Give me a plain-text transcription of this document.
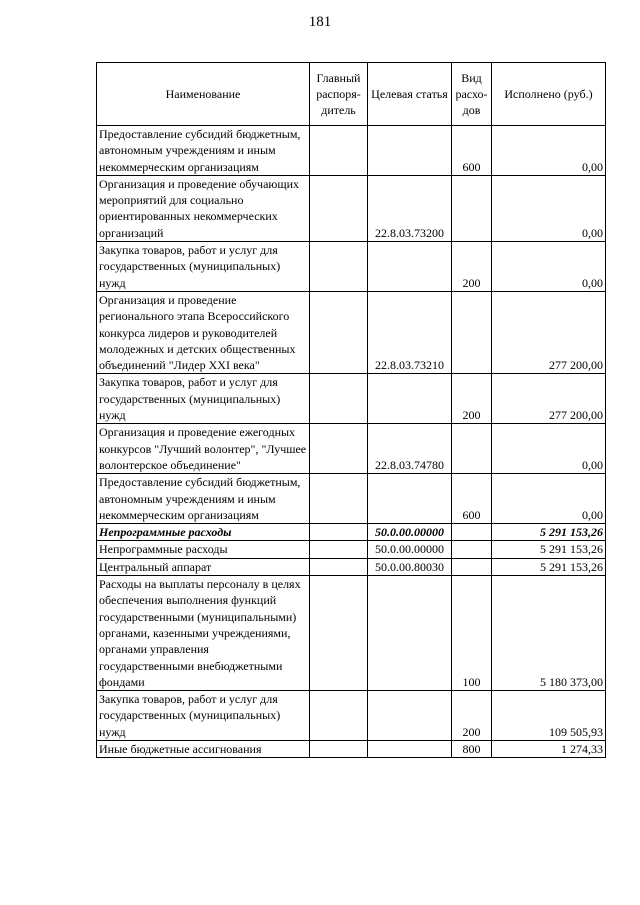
181
Наименование	Главный распоря-дитель	Целевая статья	Вид расхо-дов	Исполнено (руб.)
Предоставление субсидий бюджетным, автономным учреждениям и иным некоммерческим организациям			600	0,00
Организация и проведение обучающих мероприятий для социально ориентированных некоммерческих организаций		22.8.03.73200		0,00
Закупка товаров, работ и услуг для государственных (муниципальных) нужд			200	0,00
Организация и проведение регионального этапа Всероссийского конкурса лидеров и руководителей молодежных и детских общественных объединений "Лидер XXI века"		22.8.03.73210		277 200,00
Закупка товаров, работ и услуг для государственных (муниципальных) нужд			200	277 200,00
Организация и проведение ежегодных конкурсов "Лучший волонтер", "Лучшее волонтерское объединение"		22.8.03.74780		0,00
Предоставление субсидий бюджетным, автономным учреждениям и иным некоммерческим организациям			600	0,00
Непрограммные расходы		50.0.00.00000		5 291 153,26
Непрограммные расходы		50.0.00.00000		5 291 153,26
Центральный аппарат		50.0.00.80030		5 291 153,26
Расходы на выплаты персоналу в целях обеспечения выполнения функций государственными (муниципальными) органами, казенными учреждениями, органами управления государственными внебюджетными фондами			100	5 180 373,00
Закупка товаров, работ и услуг для государственных (муниципальных) нужд			200	109 505,93
Иные бюджетные ассигнования			800	1 274,33
